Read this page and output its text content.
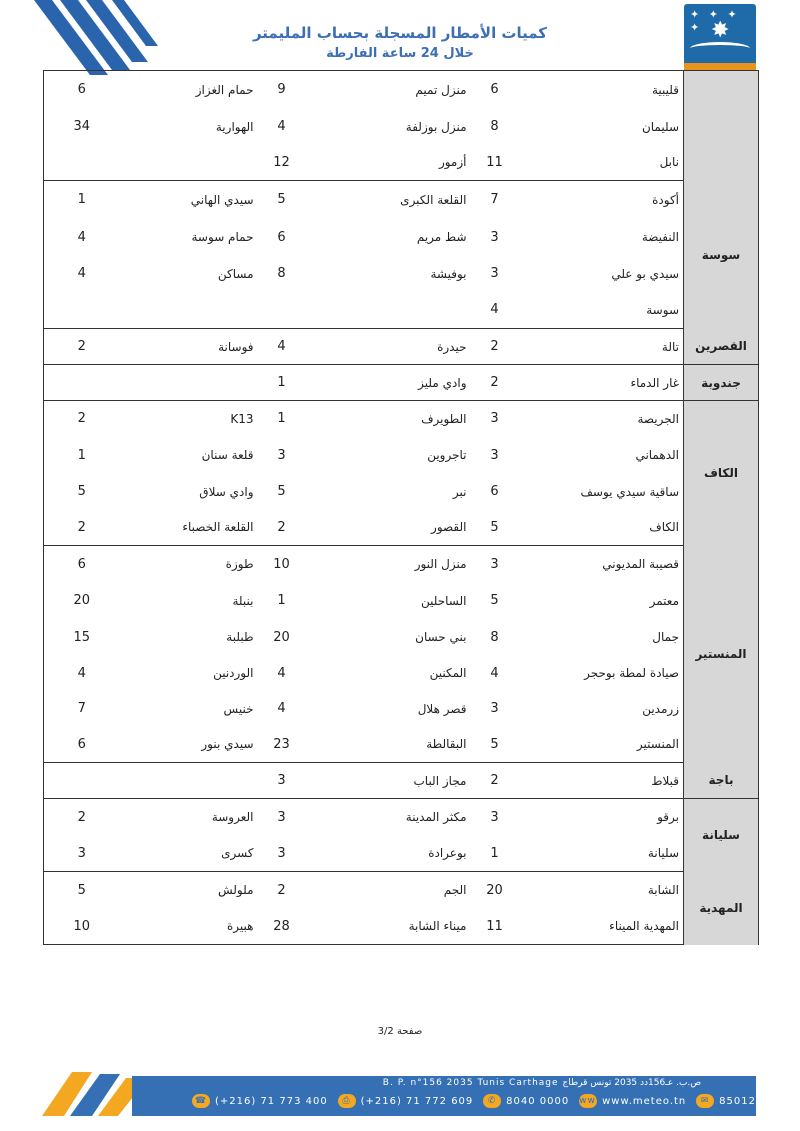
كميات الأمطار المسجلة بحساب المليمتر
خلال 24 ساعة الفارطة
✦ ✦ ✦ ✦ ✸
6	حمام الغزاز	9	منزل تميم	6	قليبية	
34	الهوارية	4	منزل بوزلفة	8	سليمان	
		12	أزمور	11	نابل	
1	سيدي الهاني	5	القلعة الكبرى	7	أكودة	سوسة
4	حمام سوسة	6	شط مريم	3	النفيضة	
4	مساكن	8	بوفيشة	3	سيدي بو علي	
				4	سوسة	
2	فوسانة	4	حيدرة	2	تالة	القصرين
		1	وادي مليز	2	غار الدماء	جندوبة
2	K13	1	الطويرف	3	الجريصة	الكاف
1	قلعة سنان	3	تاجروين	3	الدهماني	
5	وادي سلاق	5	نبر	6	ساقية سيدي يوسف	
2	القلعة الخصباء	2	القصور	5	الكاف	
6	طوزة	10	منزل النور	3	قصيبة المديوني	المنستير
20	بنبلة	1	الساحلين	5	معتمر	
15	طبلبة	20	بني حسان	8	جمال	
4	الوردنين	4	المكنين	4	صيادة لمطة بوحجر	
7	خنيس	4	قصر هلال	3	زرمدين	
6	سيدي بنور	23	البقالطة	5	المنستير	
		3	مجاز الباب	2	قبلاط	باجة
2	العروسة	3	مكثر المدينة	3	برقو	سليانة
3	كسرى	3	بوعرادة	1	سليانة	
5	ملولش	2	الجم	20	الشابة	المهدية
10	هبيرة	28	ميناء الشابة	11	المهدية الميناء	
صفحة 3/2
B. P. n°156 2035 Tunis Carthage ص.ب. عـ156دد 2035 تونس قرطاج
☎ (+216) 71 773 400	⎙ (+216) 71 772 609	✆ 8040 0000 www
www.meteo.tn	✉ 85012
